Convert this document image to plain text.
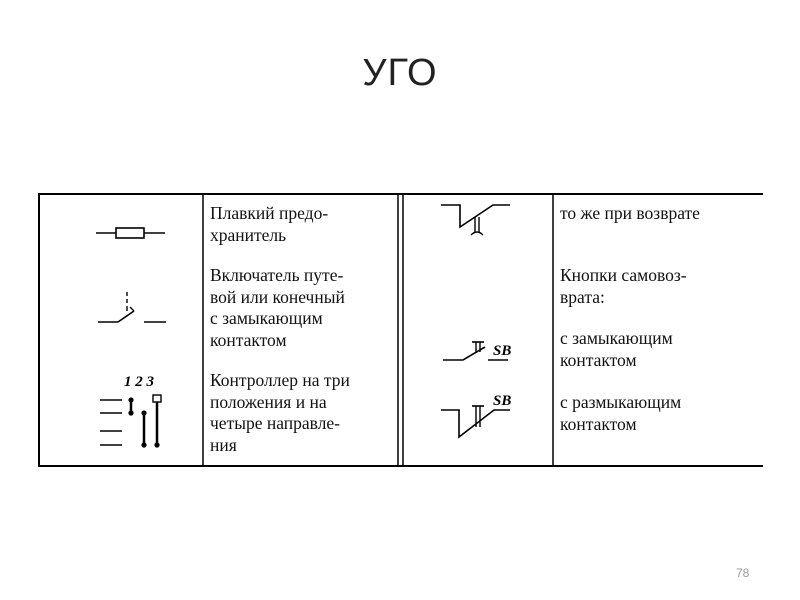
УГО
1 2 3
Плавкий предо-
хранитель
Включатель путе-
вой или конечный
с замыкающим
контактом
Контроллер на три
положения и на
четыре направле-
ния
SB
SB
то же при возврате
Кнопки самовоз-
врата:
с замыкающим
контактом
с размыкающим
контактом
78
